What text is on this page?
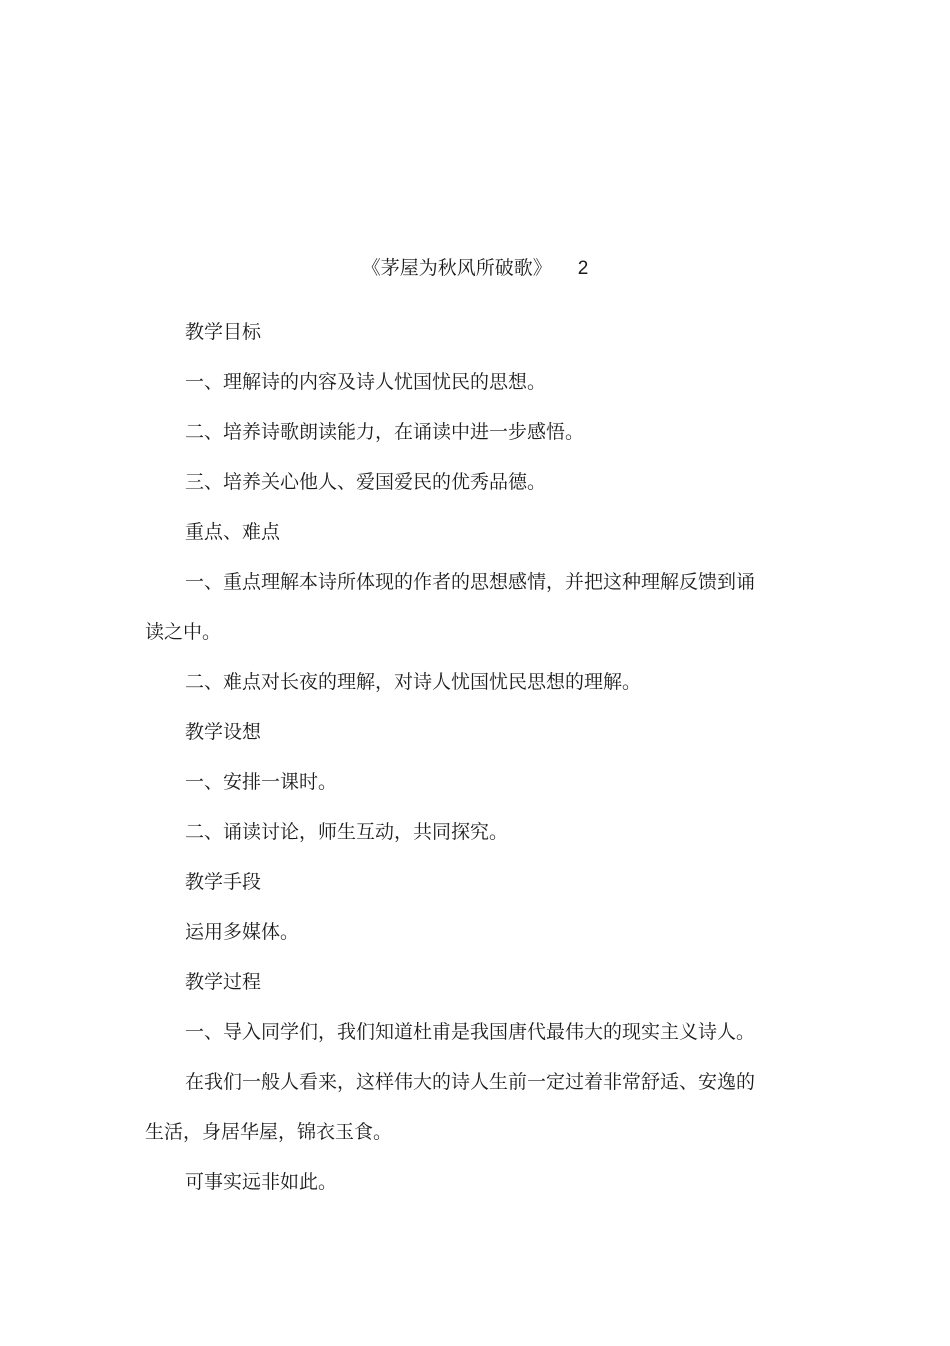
《茅屋为秋风所破歌》 2
教学目标
一、理解诗的内容及诗人忧国忧民的思想。
二、培养诗歌朗读能力，在诵读中进一步感悟。
三、培养关心他人、爱国爱民的优秀品德。
重点、难点
一、重点理解本诗所体现的作者的思想感情，并把这种理解反馈到诵
读之中。
二、难点对长夜的理解，对诗人忧国忧民思想的理解。
教学设想
一、安排一课时。
二、诵读讨论，师生互动，共同探究。
教学手段
运用多媒体。
教学过程
一、导入同学们，我们知道杜甫是我国唐代最伟大的现实主义诗人。
在我们一般人看来，这样伟大的诗人生前一定过着非常舒适、安逸的
生活，身居华屋，锦衣玉食。
可事实远非如此。
